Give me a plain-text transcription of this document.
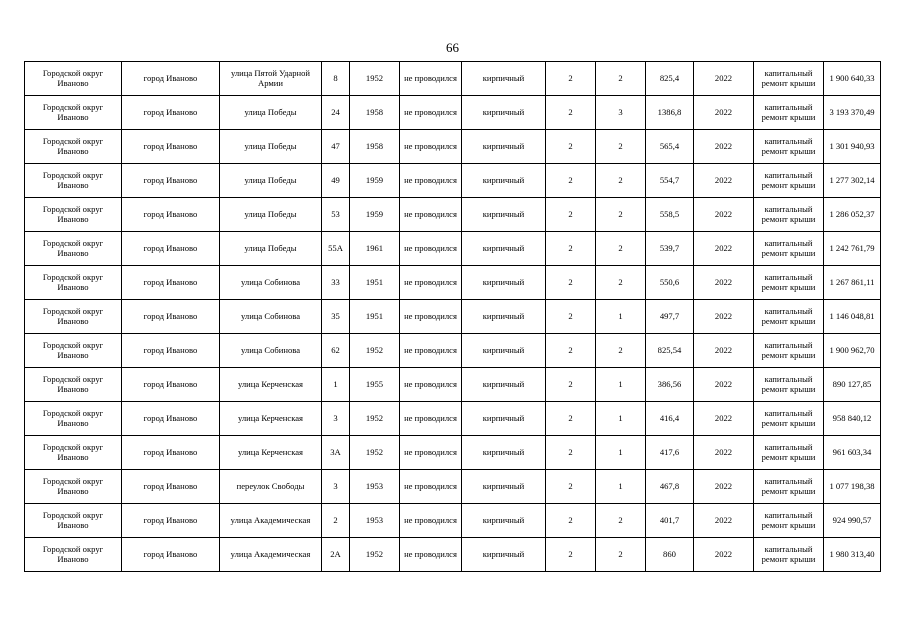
66
Городской округ Иваново	город Иваново	улица Пятой Ударной Армии	8	1952	не проводился	кирпичный	2	2	825,4	2022	капитальный ремонт крыши	1 900 640,33
Городской округ Иваново	город Иваново	улица Победы	24	1958	не проводился	кирпичный	2	3	1386,8	2022	капитальный ремонт крыши	3 193 370,49
Городской округ Иваново	город Иваново	улица Победы	47	1958	не проводился	кирпичный	2	2	565,4	2022	капитальный ремонт крыши	1 301 940,93
Городской округ Иваново	город Иваново	улица Победы	49	1959	не проводился	кирпичный	2	2	554,7	2022	капитальный ремонт крыши	1 277 302,14
Городской округ Иваново	город Иваново	улица Победы	53	1959	не проводился	кирпичный	2	2	558,5	2022	капитальный ремонт крыши	1 286 052,37
Городской округ Иваново	город Иваново	улица Победы	55А	1961	не проводился	кирпичный	2	2	539,7	2022	капитальный ремонт крыши	1 242 761,79
Городской округ Иваново	город Иваново	улица Собинова	33	1951	не проводился	кирпичный	2	2	550,6	2022	капитальный ремонт крыши	1 267 861,11
Городской округ Иваново	город Иваново	улица Собинова	35	1951	не проводился	кирпичный	2	1	497,7	2022	капитальный ремонт крыши	1 146 048,81
Городской округ Иваново	город Иваново	улица Собинова	62	1952	не проводился	кирпичный	2	2	825,54	2022	капитальный ремонт крыши	1 900 962,70
Городской округ Иваново	город Иваново	улица Керченская	1	1955	не проводился	кирпичный	2	1	386,56	2022	капитальный ремонт крыши	890 127,85
Городской округ Иваново	город Иваново	улица Керченская	3	1952	не проводился	кирпичный	2	1	416,4	2022	капитальный ремонт крыши	958 840,12
Городской округ Иваново	город Иваново	улица Керченская	3А	1952	не проводился	кирпичный	2	1	417,6	2022	капитальный ремонт крыши	961 603,34
Городской округ Иваново	город Иваново	переулок Свободы	3	1953	не проводился	кирпичный	2	1	467,8	2022	капитальный ремонт крыши	1 077 198,38
Городской округ Иваново	город Иваново	улица Академическая	2	1953	не проводился	кирпичный	2	2	401,7	2022	капитальный ремонт крыши	924 990,57
Городской округ Иваново	город Иваново	улица Академическая	2А	1952	не проводился	кирпичный	2	2	860	2022	капитальный ремонт крыши	1 980 313,40
